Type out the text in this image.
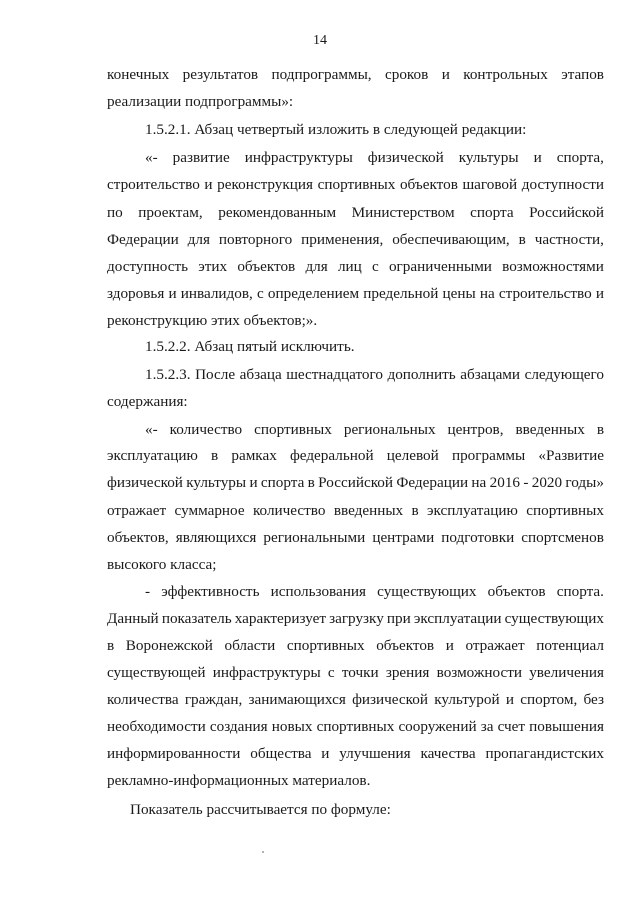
14
конечных результатов подпрограммы, сроков и контрольных этапов
реализации подпрограммы»:
1.5.2.1. Абзац четвертый изложить в следующей редакции:
«- развитие инфраструктуры физической культуры и спорта,
строительство и реконструкция спортивных объектов шаговой доступности
по проектам, рекомендованным Министерством спорта Российской
Федерации для повторного применения, обеспечивающим, в частности,
доступность этих объектов для лиц с ограниченными возможностями
здоровья и инвалидов, с определением предельной цены на строительство и
реконструкцию этих объектов;».
1.5.2.2. Абзац пятый исключить.
1.5.2.3. После абзаца шестнадцатого дополнить абзацами следующего
содержания:
«- количество спортивных региональных центров, введенных в
эксплуатацию в рамках федеральной целевой программы «Развитие
физической культуры и спорта в Российской Федерации на 2016 - 2020 годы»
отражает суммарное количество введенных в эксплуатацию спортивных
объектов, являющихся региональными центрами подготовки спортсменов
высокого класса;
- эффективность использования существующих объектов спорта.
Данный показатель характеризует загрузку при эксплуатации существующих
в Воронежской области спортивных объектов и отражает потенциал
существующей инфраструктуры с точки зрения возможности увеличения
количества граждан, занимающихся физической культурой и спортом, без
необходимости создания новых спортивных сооружений за счет повышения
информированности общества и улучшения качества пропагандистских
рекламно-информационных материалов.
Показатель рассчитывается по формуле:
